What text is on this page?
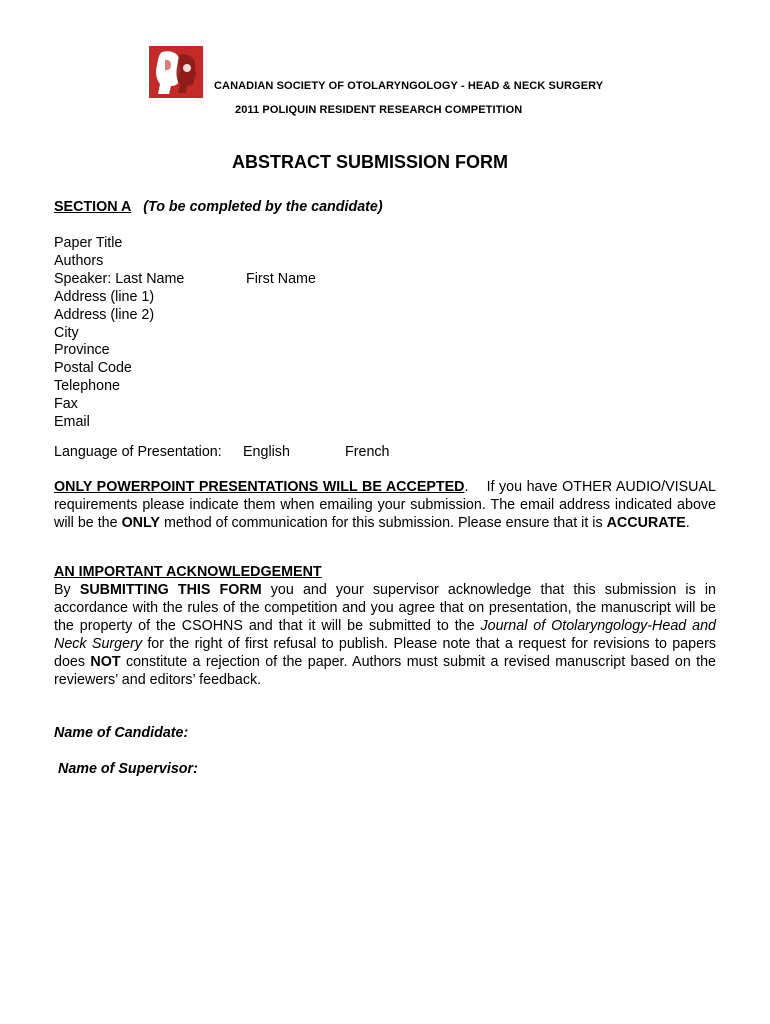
CANADIAN SOCIETY OF OTOLARYNGOLOGY - HEAD & NECK SURGERY
2011 POLIQUIN RESIDENT RESEARCH COMPETITION
ABSTRACT SUBMISSION FORM
SECTION A (To be completed by the candidate)
Paper Title
Authors
Speaker: Last Name
Address (line 1)
Address (line 2)
City
Province
Postal Code
Telephone
Fax
Email
First Name
Language of Presentation: English	French
ONLY POWERPOINT PRESENTATIONS WILL BE ACCEPTED. If you have OTHER AUDIO/VISUAL requirements please indicate them when emailing your submission. The email address indicated above will be the ONLY method of communication for this submission. Please ensure that it is ACCURATE.
AN IMPORTANT ACKNOWLEDGEMENT
By SUBMITTING THIS FORM you and your supervisor acknowledge that this submission is in accordance with the rules of the competition and you agree that on presentation, the manuscript will be the property of the CSOHNS and that it will be submitted to the Journal of Otolaryngology-Head and Neck Surgery for the right of first refusal to publish. Please note that a request for revisions to papers does NOT constitute a rejection of the paper. Authors must submit a revised manuscript based on the reviewers’ and editors’ feedback.
Name of Candidate:
Name of Supervisor:
